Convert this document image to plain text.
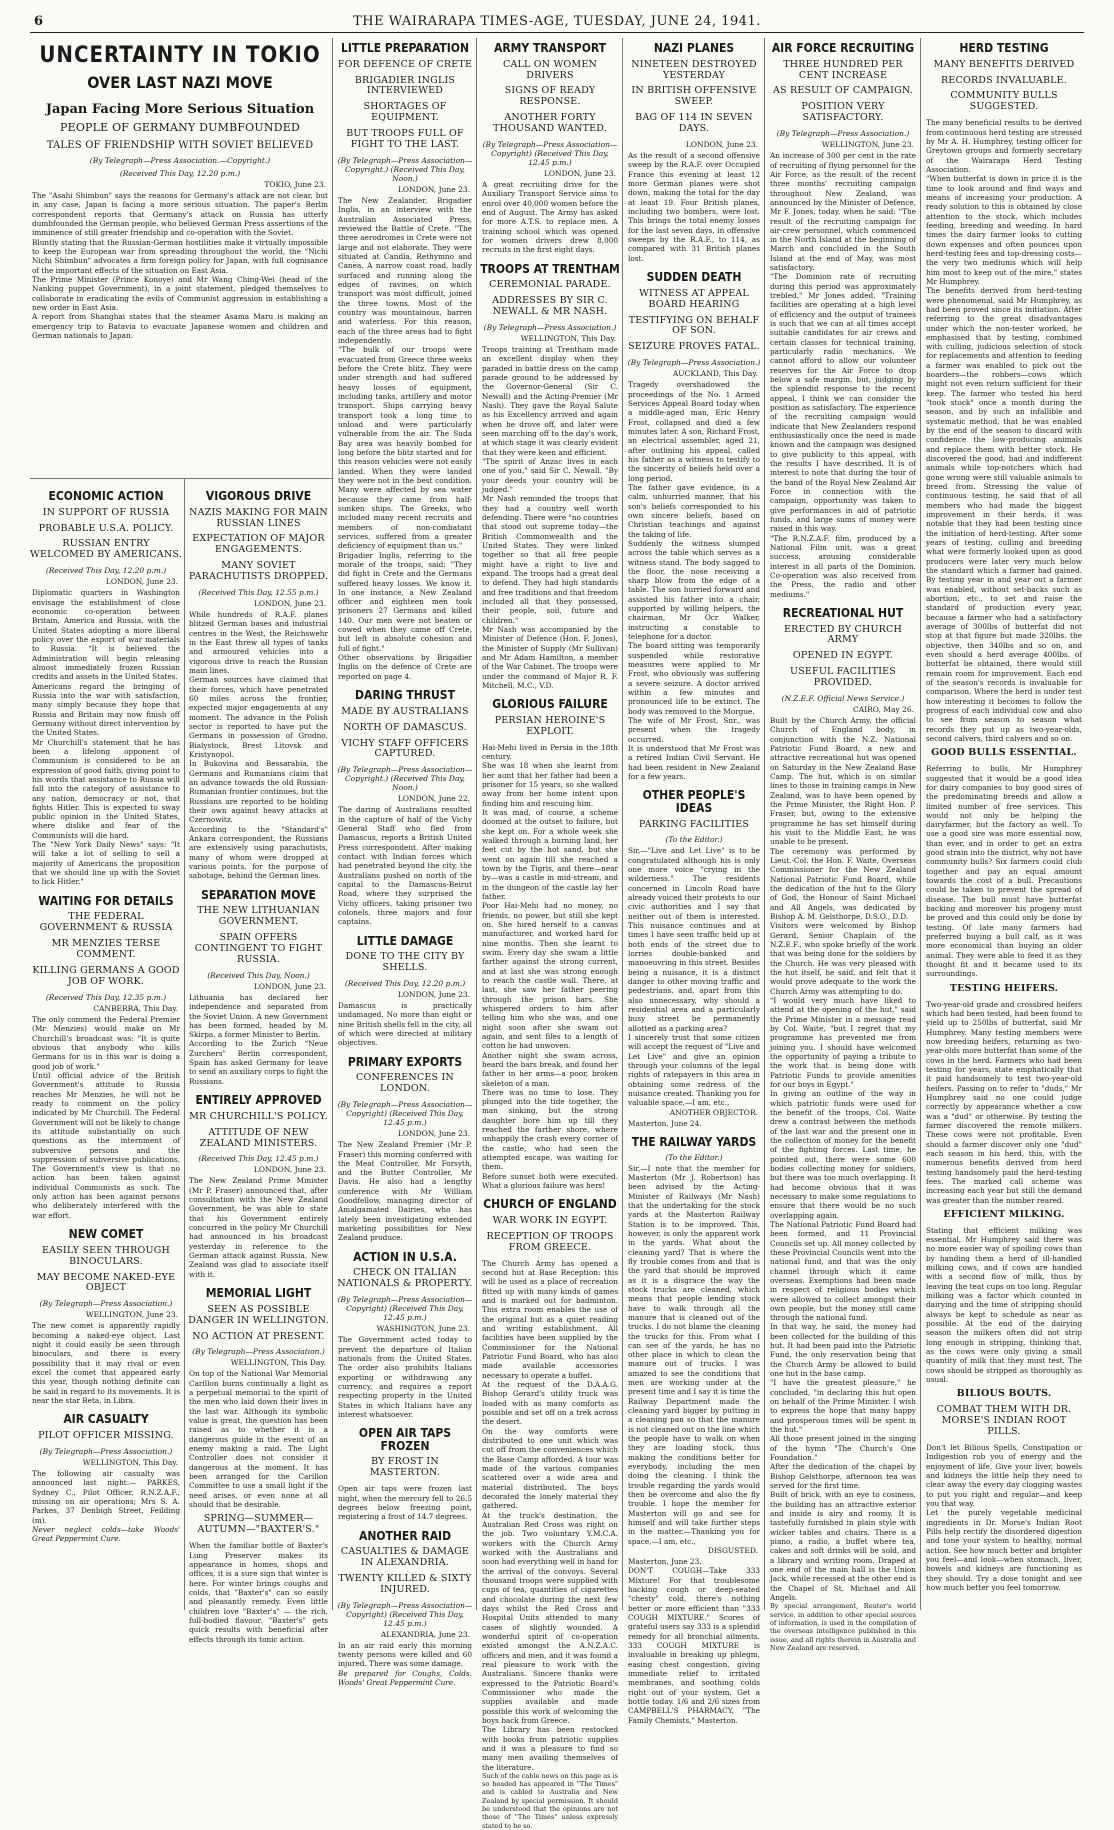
6	THE WAIRARAPA TIMES-AGE, TUESDAY, JUNE 24, 1941.
UNCERTAINTY IN TOKIO
OVER LAST NAZI MOVE
Japan Facing More Serious Situation
PEOPLE OF GERMANY DUMBFOUNDED
TALES OF FRIENDSHIP WITH SOVIET BELIEVED
(By Telegraph—Press Association.—Copyright.)
(Received This Day, 12.20 p.m.)
TOKIO, June 23.

The "Asahi Shimbun" says the reasons for Germany's attack are not clear, but in any case, Japan is facing a more serious situation. The paper's Berlin correspondent reports that Germany's attack on Russia has utterly dumbfounded the German people, who believed German Press assertions of the imminence of still greater friendship and co-operation with the Soviet.

Bluntly stating that the Russian-German hostilities make it virtually impossible to keep the European war from spreading throughout the world, the "Nichi Nichi Shimbun" advocates a firm foreign policy for Japan, with full cognisance of the important effects of the situation on East Asia.

The Prime Minister (Prince Konoye) and Mr Wang Ching-Wei (head of the Nanking puppet Government), in a joint statement, pledged themselves to collaborate in eradicating the evils of Communist aggression in establishing a new order in East Asia.

A report from Shanghai states that the steamer Asama Maru is making an emergency trip to Batavia to evacuate Japanese women and children and German nationals to Japan.

ECONOMIC ACTION
IN SUPPORT OF RUSSIA
PROBABLE U.S.A. POLICY.
RUSSIAN ENTRY WELCOMED BY AMERICANS.
(Received This Day, 12.20 p.m.)
LONDON, June 23.

Diplomatic quarters in Washington envisage the establishment of close economic co-operation between Britain, America and Russia, with the United States adopting a more liberal policy over the export of war materials to Russia. "It is believed the Administration will begin releasing almost immediately frozen Russian credits and assets in the United States.

Americans regard the bringing of Russia into the war with satisfaction, many simply because they hope that Russia and Britain may now finish off Germany without direct intervention by the United States.

Mr Churchill's statement that he has been a lifelong opponent of Communism is considered to be an expression of good faith, giving point to his words that assistance to Russia will fall into the category of assistance to any nation, democracy or not, that fights Hitler. This is expected to sway public opinion in the United States, where dislike and fear of the Communists will die hard.

The "New York Daily News" says: "It will take a lot of selling to sell a majority of Americans the proposition that we should line up with the Soviet to lick Hitler."

WAITING FOR DETAILS
THE FEDERAL GOVERNMENT & RUSSIA
MR MENZIES TERSE COMMENT.
KILLING GERMANS A GOOD JOB OF WORK.
(Received This Day, 12.35 p.m.)
CANBERRA, This Day.

The only comment the Federal Premier (Mr Menzies) would make on Mr Churchill's broadcast was: "It is quite obvious that anybody who kills Germans for us in this war is doing a good job of work."

Until official advice of the British Government's attitude to Russia reaches Mr Menzies, he will not be ready to comment on the policy indicated by Mr Churchill. The Federal Government will not be likely to change its attitude substantially on such questions as the internment of subversive persons and the suppression of subversive publications. The Government's view is that no action has been taken against individual Communists as such. The only action has been against persons who deliberately interfered with the war effort.

NEW COMET
EASILY SEEN THROUGH BINOCULARS.
MAY BECOME NAKED-EYE OBJECT
(By Telegraph—Press Association.)
WELLINGTON, June 23.

The new comet is apparently rapidly becoming a naked-eye object. Last night it could easily be seen through binoculars, and there is every possibility that it may rival or even excel the comet that appeared early this year, though nothing definite can be said in regard to its movements. It is near the star Beta, in Libra.

AIR CASUALTY
PILOT OFFICER MISSING.
(By Telegraph—Press Association.)
WELLINGTON, This Day.

The following air casualty was announced last night:— PARKES, Sydney C., Pilot Officer, R.N.Z.A.F., missing on air operations; Mrs S. A. Parkes, 37 Denbigh Street, Feilding (m).

Never neglect colds—take Woods' Great Peppermint Cure.

VIGOROUS DRIVE
NAZIS MAKING FOR MAIN RUSSIAN LINES
EXPECTATION OF MAJOR ENGAGEMENTS.
MANY SOVIET PARACHUTISTS DROPPED.
(Received This Day, 12.55 p.m.)
LONDON, June 23.

While hundreds of R.A.F. planes blitzed German bases and industrial centres in the West, the Reichswehr in the East threw all types of tanks and armoured vehicles into a vigorous drive to reach the Russian main lines.

German sources have claimed that their forces, which have penetrated 60 miles across the frontier, expected major engagements at any moment. The advance in the Polish sector is reported to have put the Germans in possession of Grodno, Bialystock, Brest Litovsk and Kristynopol.

In Bukovina and Bessarabia, the Germans and Rumanians claim that an advance towards the old Russian-Rumanian frontier continues, but the Russians are reported to be holding their own against heavy attacks at Czernowitz.

According to the "Standard's" Ankara correspondent, the Russians are extensively using parachutists, many of whom were dropped at various points, for the purpose of sabotage, behind the German lines.

SEPARATION MOVE
THE NEW LITHUANIAN GOVERNMENT.
SPAIN OFFERS CONTINGENT TO FIGHT RUSSIA.
(Received This Day, Noon.)
LONDON, June 23.

Lithuania has declared her independence and separated from the Soviet Union. A new Government has been formed, headed by M. Skirpa, a former Minister to Berlin.

According to the Zurich "Neue Zurchers" Berlin correspondent, Spain has asked Germany for leave to send an auxiliary corps to fight the Russians.

ENTIRELY APPROVED
MR CHURCHILL'S POLICY.
ATTITUDE OF NEW ZEALAND MINISTERS.
(Received This Day, 12.45 p.m.)
LONDON, June 23.

The New Zealand Prime Minister (Mr P. Fraser) announced that, after consultation with the New Zealand Government, he was able to state that his Government entirely concurred in the policy Mr Churchill had announced in his broadcast yesterday in reference to the German attack against Russia. New Zealand was glad to associate itself with it.

MEMORIAL LIGHT
SEEN AS POSSIBLE DANGER IN WELLINGTON.
NO ACTION AT PRESENT.
(By Telegraph—Press Association.)
WELLINGTON, This Day.

On top of the National War Memorial Carillon burns continually a light as a perpetual memorial to the spirit of the men who laid down their lives in the last war. Although its symbolic value is great, the question has been raised as to whether it is a dangerous guide in the event of an enemy making a raid. The Light Controller does not consider it dangerous at the moment. It has been arranged for the Carillon Committee to use a small light if the need arises, or even none at all should that be desirable.

SPRING—SUMMER—AUTUMN—"BAXTER'S."

When the familiar bottle of Baxter's Lung Preserver makes its appearance in homes, shops and offices, it is a sure sign that winter is here. For winter brings coughs and colds, that "Baxter's" can so easily and pleasantly remedy. Even little children love "Baxter's" — the rich, full-bodied flavour. "Baxter's" gets quick results with beneficial after effects through its tonic action.

LITTLE PREPARATION
FOR DEFENCE OF CRETE
BRIGADIER INGLIS INTERVIEWED
SHORTAGES OF EQUIPMENT.
BUT TROOPS FULL OF FIGHT TO THE LAST.
(By Telegraph—Press Association—Copyright.) (Received This Day, Noon.)
LONDON, June 23.

The New Zealander, Brigadier Inglis, in an interview with the Australian Associated Press, reviewed the Battle of Crete. "The three aerodromes in Crete were not large and not elaborate. They were situated at Candia, Rethymno and Canea. A narrow coast road, badly surfaced and running along the edges of ravines, on which transport was most difficult, joined the three towns. Most of the country was mountainous, barren and waterless. For this reason, each of the three areas had to fight independently.

"The bulk of our troops were evacuated from Greece three weeks before the Crete blitz. They were under strength and had suffered heavy losses of equipment, including tanks, artillery and motor transport. Ships carrying heavy transport took a long time to unload and were particularly vulnerable from the air. The Suda Bay area was heavily bombed for long before the blitz started and for this reason vehicles were not easily landed. When they were landed they were not in the best condition. Many were affected by sea water because they came from half-sunken ships. The Greeks, who included many recent recruits and members of non-combatant services, suffered from a greater deficiency of equipment than us."

Brigadier Inglis, referring to the morale of the troops, said: "They did fight in Crete and the Germans suffered heavy losses. We know it. In one instance, a New Zealand officer and eighteen men took prisoners 27 Germans and killed 140. Our men were not beaten or cowed when they came off Crete, but left in absolute cohesion and full of fight."

Other observations by Brigadier Inglis on the defence of Crete are reported on page 4.

DARING THRUST
MADE BY AUSTRALIANS
NORTH OF DAMASCUS.
VICHY STAFF OFFICERS CAPTURED.
(By Telegraph—Press Association—Copyright.) (Received This Day, Noon.)
LONDON, June 22.

The daring of Australians resulted in the capture of half of the Vichy General Staff who fled from Damascus, reports a British United Press correspondent. After making contact with Indian forces which had penetrated beyond the city, the Australians pushed on north of the capital to the Damascus-Beirut Road, where they surprised the Vichy officers, taking prisoner two colonels, three majors and four captains.

LITTLE DAMAGE
DONE TO THE CITY BY SHELLS.
(Received This Day, 12.20 p.m.)
LONDON, June 23.

Damascus is practically undamaged. No more than eight or nine British shells fell in the city, all of which were directed at military objectives.

PRIMARY EXPORTS
CONFERENCES IN LONDON.
(By Telegraph—Press Association—Copyright) (Received This Day, 12.45 p.m.)
LONDON, June 23.

The New Zealand Premier (Mr P. Fraser) this morning conferred with the Meat Controller, Mr Forsyth, and the Butter Controller, Mr Davis. He also had a lengthy conference with Mr William Goodfellow, managing director of Amalgamated Dairies, who has lately been investigating extended marketing possibilities for New Zealand produce.

ACTION IN U.S.A.
CHECK ON ITALIAN NATIONALS & PROPERTY.
(By Telegraph—Press Association—Copyright) (Received This Day, 12.45 p.m.)
WASHINGTON, June 23.

The Government acted today to prevent the departure of Italian nationals from the United States. The order also prohibits Italians exporting or withdrawing any currency, and requires a report respecting property in the United States in which Italians have any interest whatsoever.

OPEN AIR TAPS FROZEN
BY FROST IN MASTERTON.

Open air taps were frozen last night, when the mercury fell to 26.5 degrees below freezing point, registering a frost of 14.7 degrees.

ANOTHER RAID
CASUALTIES & DAMAGE IN ALEXANDRIA.
TWENTY KILLED & SIXTY INJURED.
(By Telegraph—Press Association—Copyright) (Received This Day, 12.45 p.m.)
ALEXANDRIA, June 23.

In an air raid early this morning twenty persons were killed and 60 injured. There was some damage.

Be prepared for Coughs, Colds. Woods' Great Peppermint Cure.

ARMY TRANSPORT
CALL ON WOMEN DRIVERS
SIGNS OF READY RESPONSE.
ANOTHER FORTY THOUSAND WANTED.
(By Telegraph—Press Association—Copyright) (Received This Day, 12.45 p.m.)
LONDON, June 23.

A great recruiting drive for the Auxiliary Transport Service aims to enrol over 40,000 women before the end of August. The Army has asked for more A.T.S. to replace men. A training school which was opened for women drivers drew 8,000 recruits in the first eight days.

TROOPS AT TRENTHAM
CEREMONIAL PARADE.
ADDRESSES BY SIR C. NEWALL & MR NASH.
(By Telegraph—Press Association.)
WELLINGTON, This Day.

Troops training at Trentham made an excellent display when they paraded in battle dress on the camp parade ground to be addressed by the Governor-General (Sir C. Newall) and the Acting-Premier (Mr Nash). They gave the Royal Salute as his Excellency arrived and again when he drove off, and later were seen marching off to the day's work, at which stage it was clearly evident that they were keen and efficient.

"The spirit of Anzac lives in each one of you," said Sir C. Newall. "By your deeds your country will be judged."

Mr Nash reminded the troops that they had a country well worth defending. There were "no countries that stood out supreme today—the British Commonwealth and the United States. They were linked together so that all free people might have a right to live and expand. The troops had a great deal to defend. They had high standards and free traditions and that freedom included all that they possessed, their people, soil, future and children."

Mr Nash was accompanied by the Minister of Defence (Hon. F. Jones), the Minister of Supply (Mr Sullivan) and Mr Adam Hamilton, a member of the War Cabinet. The troops were under the command of Major R. F. Mitchell, M.C., V.D.

GLORIOUS FAILURE
PERSIAN HEROINE'S EXPLOIT.

Hai-Mehi lived in Persia in the 18th century.

She was 18 when she learnt from her aunt that her father had been a prisoner for 15 years, so she walked away from her home intent upon finding him and rescuing him.

It was mad, of course, a scheme doomed at the outset to failure, but she kept on. For a whole week she walked through a burning land, her feet cut by the hot sand, but she went on again till she reached a town by the Tigris, and there—near by—was a castle in mid-stream, and in the dungeon of the castle lay her father.

Poor Hai-Mehi had no money, no friends, no power, but still she kept on. She hired herself to a canvas manufacturer, and worked hard for nine months. Then she learnt to swim. Every day she swam a little farther against the strong current, and at last she was strong enough to reach the castle wall. There, at last, she saw her father peering through the prison bars. She whispered orders to him after telling him who she was, and one night soon after she swam out again, and sent files to a length of cotton he had unwoven.

Another night she swam across, heard the bars break, and found her father in her arms—a poor, broken skeleton of a man.

There was no time to lose. They plunged into the tide together, the man sinking, but the strong daughter bore him up till they reached the farther shore, where unhappily the crash every corner of the castle, who had seen the attempted escape, was waiting for them.

Before sunset both were executed. What a glorious failure was hers!

CHURCH OF ENGLAND
WAR WORK IN EGYPT.
RECEPTION OF TROOPS FROM GREECE.

The Church Army has opened a second hut at Base Reception: this will be used as a place of recreation fitted up with many kinds of games and is marked out for badminton. This extra room enables the use of the original hut as a quiet reading and writing establishment. All facilities have been supplied by the Commissioner for the National Patriotic Fund Board, who has also made available accessories necessary to operate a buffet.

At the request of the D.A.A.G. Bishop Gerard's utility truck was loaded with as many comforts as possible and set off on a trek across the desert.

On the way comforts were distributed to one unit which was cut off from the conveniences which the Base Camp afforded. A tour was made of the various companies scattered over a wide area and material distributed. The boys decorated the lonely material they gathered.

At the truck's destination, the Australian Red Cross was right on the job. Two voluntary Y.M.C.A. workers with the Church Army worked with the Australians and soon had everything well in hand for the arrival of the convoys. Several thousand troops were supplied with cups of tea, quantities of cigarettes and chocolate during the next few days whilst the Red Cross and Hospital Units attended to many cases of slightly wounded. A wonderful spirit of co-operation existed amongst the A.N.Z.A.C. officers and men, and it was found a real pleasure to work with the Australians. Sincere thanks were expressed to the Patriotic Board's Commissioner who made the supplies available and made possible this work of welcoming the boys back from Greece.

The Library has been restocked with books from patriotic supplies and it was a pleasure to find so many men availing themselves of the literature.

Such of the cable news on this page as is so headed has appeared in "The Times" and is cabled to Australia and New Zealand by special permission. It should be understood that the opinions are not those of "The Times" unless expressly stated to be so.

NAZI PLANES
NINETEEN DESTROYED YESTERDAY
IN BRITISH OFFENSIVE SWEEP.
BAG OF 114 IN SEVEN DAYS.
LONDON, June 23.

As the result of a second offensive sweep by the R.A.F. over Occupied France this evening at least 12 more German planes were shot down, making the total for the day at least 19. Four British planes, including two bombers, were lost. This brings the total enemy losses for the last seven days, in offensive sweeps by the R.A.F., to 114, as compared with 31 British planes lost.

SUDDEN DEATH
WITNESS AT APPEAL BOARD HEARING
TESTIFYING ON BEHALF OF SON.
SEIZURE PROVES FATAL.
(By Telegraph—Press Association.)
AUCKLAND, This Day.

Tragedy overshadowed the proceedings of the No. 1 Armed Services Appeal Board today when a middle-aged man, Eric Henry Frost, collapsed and died a few minutes later. A son, Richard Frost, an electrical assembler, aged 21, after outlining his appeal, called his father as a witness to testify to the sincerity of beliefs held over a long period.

The father gave evidence, in a calm, unhurried manner, that his son's beliefs corresponded to his own sincere beliefs, based on Christian teachings and against the taking of life.

Suddenly the witness slumped across the table which serves as a witness stand. The body sagged to the floor, the nose receiving a sharp blow from the edge of a table. The son hurried forward and assisted his father into a chair, supported by willing helpers, the chairman, Mr Ocr Walker, instructing a constable to telephone for a doctor.

The board sitting was temporarily suspended while restorative measures were applied to Mr Frost, who obviously was suffering a severe seizure. A doctor arrived within a few minutes and pronounced life to be extinct. The body was removed to the Morgue.

The wife of Mr Frost, Snr., was present when the tragedy occurred.

It is understood that Mr Frost was a retired Indian Civil Servant. He had been resident in New Zealand for a few years.

OTHER PEOPLE'S IDEAS
PARKING FACILITIES
(To the Editor.)

Sir,—"Live and Let Live" is to be congratulated although his is only one more voice "crying in the wilderness." The residents concerned in Lincoln Road have already voiced their protests to our civic authorities and I say that neither out of them is interested. This nuisance continues and at times I have seen traffic held up at both ends of the street due to lorries double-banked and manoeuvring in this street. Besides being a nuisance, it is a distinct danger to other moving traffic and pedestrians, and, apart from this also unnecessary, why should a residential area and a particularly busy street be permanently allotted as a parking area?

I sincerely trust that some citizen will accept the request of "Live and Let Live" and give an opinion through your columns of the legal rights of ratepayers in this area in obtaining some redress of the nuisance created. Thanking you for valuable space,—I am, etc.,

ANOTHER OBJECTOR.
Masterton, June 24.
THE RAILWAY YARDS
(To the Editor.)

Sir,—I note that the member for Masterton (Mr J. Robertson) has been advised by the Acting-Minister of Railways (Mr Nash) that the undertaking for the stock yards at the Masterton Railway Station is to be improved. This, however, is only the apparent work in the yards. What about the cleaning yard? That is where the fly trouble comes from and that is the yard that should be improved as it is a disgrace the way the stock trucks are cleaned, which means that people lending stock have to walk through all the manure that is cleaned out of the trucks. I do not blame the cleaning the trucks for this. From what I can see of the yards, he has no other place in which to clean the manure out of trucks. I was amazed to see the conditions that men are working under at the present time and I say it is time the Railway Department made the cleaning yard bigger by putting in a cleaning pan so that the manure is not cleaned out on the line which the people have to walk on when they are loading stock, thus making the conditions better for everybody, including the men doing the cleaning. I think the trouble regarding the yards would then be overcome and also the fly trouble. I hope the member for Masterton will go and see for himself and will take further steps in the matter.—Thanking you for space,—I am, etc.,

DISGUSTED.
Masterton, June 23.

DON'T COUGH—Take 333 Mixture! For that troublesome hacking cough or deep-seated "chesty" cold, there's nothing better or more efficient than "333 COUGH MIXTURE." Scores of grateful users say 333 is a splendid remedy for all bronchial ailments. 333 COUGH MIXTURE is invaluable in breaking up phlegm, easing chest congestion, giving immediate relief to irritated membranes, and soothing colds right out of your system. Get a bottle today. 1/6 and 2/6 sizes from CAMPBELL'S PHARMACY, "The Family Chemists," Masterton.

AIR FORCE RECRUITING
THREE HUNDRED PER CENT INCREASE
AS RESULT OF CAMPAIGN.
POSITION VERY SATISFACTORY.
(By Telegraph—Press Association.)
WELLINGTON, June 23.

An increase of 300 per cent in the rate of recruiting of flying personnel for the Air Force, as the result of the recent three months' recruiting campaign throughout New Zealand, was announced by the Minister of Defence, Mr F. Jones, today, when he said: "The result of the recruiting campaign for air-crew personnel, which commenced in the North Island at the beginning of March and concluded in the South Island at the end of May, was most satisfactory.

"The Dominion rate of recruiting during this period was approximately trebled," Mr Jones added. "Training facilities are operating at a high level of efficiency and the output of trainees is such that we can at all times accept suitable candidates for air crews and certain classes for technical training, particularly radio mechanics. We cannot afford to allow our volunteer reserves for the Air Force to drop below a safe margin, but, judging by the splendid response to the recent appeal, I think we can consider the position as satisfactory. The experience of the recruiting campaign would indicate that New Zealanders respond enthusiastically once the need is made known and the campaign was designed to give publicity to this appeal, with the results I have described. It is of interest to note that during the tour of the band of the Royal New Zealand Air Force in connection with the campaign, opportunity was taken to give performances in aid of patriotic funds, and large sums of money were raised in this way.

"The R.N.Z.A.F. film, produced by a National Film unit, was a great success, arousing considerable interest in all parts of the Dominion. Co-operation was also received from the Press, the radio and other mediums."

RECREATIONAL HUT
ERECTED BY CHURCH ARMY
OPENED IN EGYPT.
USEFUL FACILITIES PROVIDED.
(N.Z.E.F. Official News Service.)
CAIRO, May 26.

Built by the Church Army, the official Church of England body, in conjunction with the N.Z. National Patriotic Fund Board, a new and attractive recreational hut was opened on Saturday in the New Zealand Base Camp. The hut, which is on similar lines to those in training camps in New Zealand, was to have been opened by the Prime Minister, the Right Hon. P. Fraser, but, owing to the extensive programme he has set himself during his visit to the Middle East, he was unable to be present.

The ceremony was performed by Lieut.-Col. the Hon. F. Waite, Overseas Commissioner for the New Zealand National Patriotic Fund Board, while the dedication of the hut to the Glory of God, the Honour of Saint Michael and All Angels, was dedicated by Bishop A. M. Gelsthorpe, D.S.O., D.D.

Visitors were welcomed by Bishop Gerard, Senior Chaplain of the N.Z.E.F., who spoke briefly of the work that was being done for the soldiers by the Church. He was very pleased with the hut itself, he said, and felt that it would prove adequate to the work the Church Army was attempting to do.

"I would very much have liked to attend at the opening of the hut," said the Prime Minister in a message read by Col. Waite, "but I regret that my programme has prevented me from joining you. I should have welcomed the opportunity of paying a tribute to the work that is being done with Patriotic Funds to provide amenities for our boys in Egypt."

In giving an outline of the way in which patriotic funds were used for the benefit of the troops, Col. Waite drew a contrast between the methods of the last war and the present one in the collection of money for the benefit of the fighting forces. Last time, he pointed out, there were some 600 bodies collecting money for soldiers, but there was too much overlapping. It had become obvious that it was necessary to make some regulations to ensure that there would be no such overlapping again.

The National Patriotic Fund Board had been formed, and 11 Provincial Councils set up. All money collected by these Provincial Councils went into the national fund, and that was the only channel through which it came overseas. Exemptions had been made in respect of religious bodies which were allowed to collect amongst their own people, but the money still came through the national fund.

In that way, he said, the money had been collected for the building of this hut. It had been paid into the Patriotic Fund, the only reservation being that the Church Army be allowed to build one hut in the base camp.

"I have the greatest pleasure," he concluded, "in declaring this hut open on behalf of the Prime Minister. I wish to express the hope that many happy and prosperous times will be spent in the hut."

All those present joined in the singing of the hymn "The Church's One Foundation."

After the dedication of the chapel by Bishop Gelsthorpe, afternoon tea was served for the first time.

Built of brick, with an eye to cosiness, the building has an attractive exterior and inside is airy and roomy. It is tastefully furnished in plain style with wicker tables and chairs. There is a piano, a radio, a buffet where tea, cakes and soft drinks will be sold, and a library and writing room. Draped at one end of the main hall is the Union Jack, while recessed at the other end is the Chapel of St. Michael and All Angels.

By special arrangement, Reuter's world service, in addition to other special sources of information, is used in the compilation of the overseas intelligence published in this issue, and all rights therein in Australia and New Zealand are reserved.

HERD TESTING
MANY BENEFITS DERIVED
RECORDS INVALUABLE.
COMMUNITY BULLS SUGGESTED.

The many beneficial results to be derived from continuous herd testing are stressed by Mr A. H. Humphrey, testing officer for Greytown groups and formerly secretary of the Wairarapa Herd Testing Association.

"When butterfat is down in price it is the time to look around and find ways and means of increasing your production. A ready solution to this is obtained by close attention to the stock, which includes feeding, breeding and weeding. In hard times the dairy farmer looks to cutting down expenses and often pounces upon herd-testing fees and top-dressing costs—the very two mediums which will help him most to keep out of the mire," states Mr Humphrey.

The benefits derived from herd-testing were phenomenal, said Mr Humphrey, as had been proved since its initiation. After referring to the great disadvantages under which the non-tester worked, he emphasised that by testing, combined with culling, judicious selection of stock for replacements and attention to feeding a farmer was enabled to pick out the boarders—the robbers—cows which might not even return sufficient for their keep. The farmer who tested his herd "took stock" once a month during the season, and by such an infallible and systematic method, that he was enabled by the end of the season to discard with confidence the low-producing animals and replace them with better stock. He discovered the good, bad and indifferent animals while top-notchers which had gone wrong were still valuable animals to breed from. Stressing the value of continuous testing, he said that of all members who had made the biggest improvement in their herds, it was notable that they had been testing since the initiation of herd-testing. After some years of testing, culling and breeding what were formerly looked upon as good producers were later very much below the standard which a farmer had gained. By testing year in and year out a farmer was enabled, without set-backs such as abortion, etc., to set and raise the standard of production every year, because a farmer who had a satisfactory average of 300lbs of butterfat did not stop at that figure but made 320lbs. the objective, then 340lbs and so on, and even should a herd average 400lbs. of butterfat be obtained, there would still remain room for improvement. Each end of the season's records is invaluable for comparison. Where the herd is under test how interesting it becomes to follow the progress of each individual cow and also to see from season to season what records they put up as two-year-olds, second calvers, third calvers and so on.

GOOD BULLS ESSENTIAL.

Referring to bulls, Mr Humphrey suggested that it would be a good idea for dairy companies to buy good sires of the predominating breeds and allow a limited number of free services. This would not only be helping the dairyfarmer, but the factory as well. To use a good sire was more essential now, than ever, and in order to get an extra good strain into the district, why not have community bulls? Six farmers could club together and pay an equal amount towards the cost of a bull. Precautions could be taken to prevent the spread of disease. The bull must have butterfat backing and moreover his progeny must be proved and this could only be done by testing. Of late many farmers had preferred buying a bull calf, as it was more economical than buying an older animal. They were able to feed it as they thought fit and it became used to its surroundings.

TESTING HEIFERS.

Two-year-old grade and crossbred heifers which had been tested, had been found to yield up to 250lbs of butterfat, said Mr Humphrey. Many testing members were now breeding heifers, returning as two-year-olds more butterfat than some of the cows in the herd. Farmers who had been testing for years, state emphatically that it paid handsomely to test two-year-old heifers. Passing on to refer to "duds," Mr Humphrey said no one could judge correctly by appearance whether a cow was a "dud" or otherwise. By testing the farmer discovered the remote milkers. These cows were not profitable. Even should a farmer discover only one "dud" each season in his herd, this, with the numerous benefits derived from herd testing handsomely paid the herd-testing fees. The marked call scheme was increasing each year but still the demand was greater than the number reared.

EFFICIENT MILKING.

Stating that efficient milking was essential, Mr Humphrey said there was no more easier way of spoiling cows than by handing them a herd of ill-handled milking cows, and if cows are handled with a second flow of milk, thus by leaving the teat cups on too long. Regular milking was a factor which counted in dairying and the time of stripping should always be kept to schedule as near as possible. At the end of the dairying season the milkers often did not strip long enough in stripping, thinking that, as the cows were only giving a small quantity of milk that they must test. The cows should be stripped as thoroughly as usual.

BILIOUS BOUTS.
COMBAT THEM WITH DR. MORSE'S INDIAN ROOT PILLS.

Don't let Bilious Spells, Constipation or Indigestion rob you of energy and the enjoyment of life. Give your liver, bowels and kidneys the little help they need to clear away the every day clogging wastes to put you right and regular—and keep you that way.

Let the purely vegetable medicinal ingredients in Dr. Morse's Indian Root Pills help rectify the disordered digestion and tone your system to healthy, normal action. See how much better and brighter you feel—and look—when stomach, liver, bowels and kidneys are functioning as they should. Try a dose tonight and see how much better you feel tomorrow.
